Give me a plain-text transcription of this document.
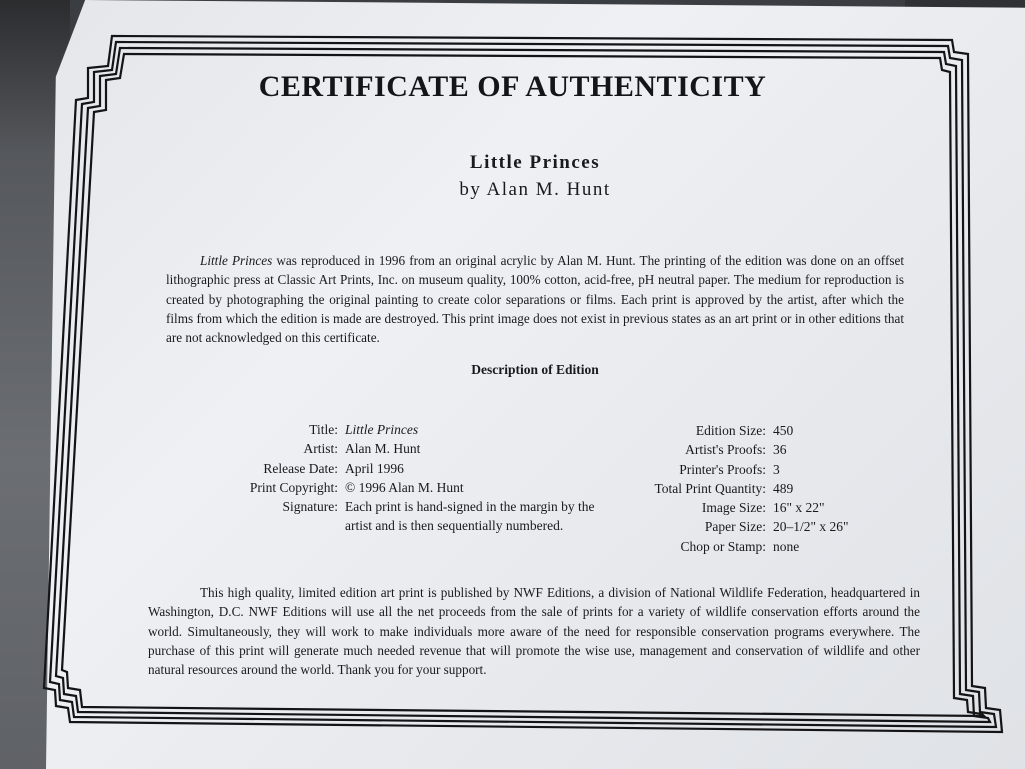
CERTIFICATE OF AUTHENTICITY
Little Princes
by Alan M. Hunt
Little Princes was reproduced in 1996 from an original acrylic by Alan M. Hunt. The printing of the edition was done on an offset lithographic press at Classic Art Prints, Inc. on museum quality, 100% cotton, acid-free, pH neutral paper. The medium for reproduction is created by photographing the original painting to create color separations or films. Each print is approved by the artist, after which the films from which the edition is made are destroyed. This print image does not exist in previous states as an art print or in other editions that are not acknowledged on this certificate.
Description of Edition
Title: Little Princes
Artist: Alan M. Hunt
Release Date: April 1996
Print Copyright: © 1996 Alan M. Hunt
Signature: Each print is hand-signed in the margin by the artist and is then sequentially numbered.
Edition Size: 450
Artist's Proofs: 36
Printer's Proofs: 3
Total Print Quantity: 489
Image Size: 16" x 22"
Paper Size: 20–1/2" x 26"
Chop or Stamp: none
This high quality, limited edition art print is published by NWF Editions, a division of National Wildlife Federation, headquartered in Washington, D.C. NWF Editions will use all the net proceeds from the sale of prints for a variety of wildlife conservation efforts around the world. Simultaneously, they will work to make individuals more aware of the need for responsible conservation programs everywhere. The purchase of this print will generate much needed revenue that will promote the wise use, management and conservation of wildlife and other natural resources around the world. Thank you for your support.
